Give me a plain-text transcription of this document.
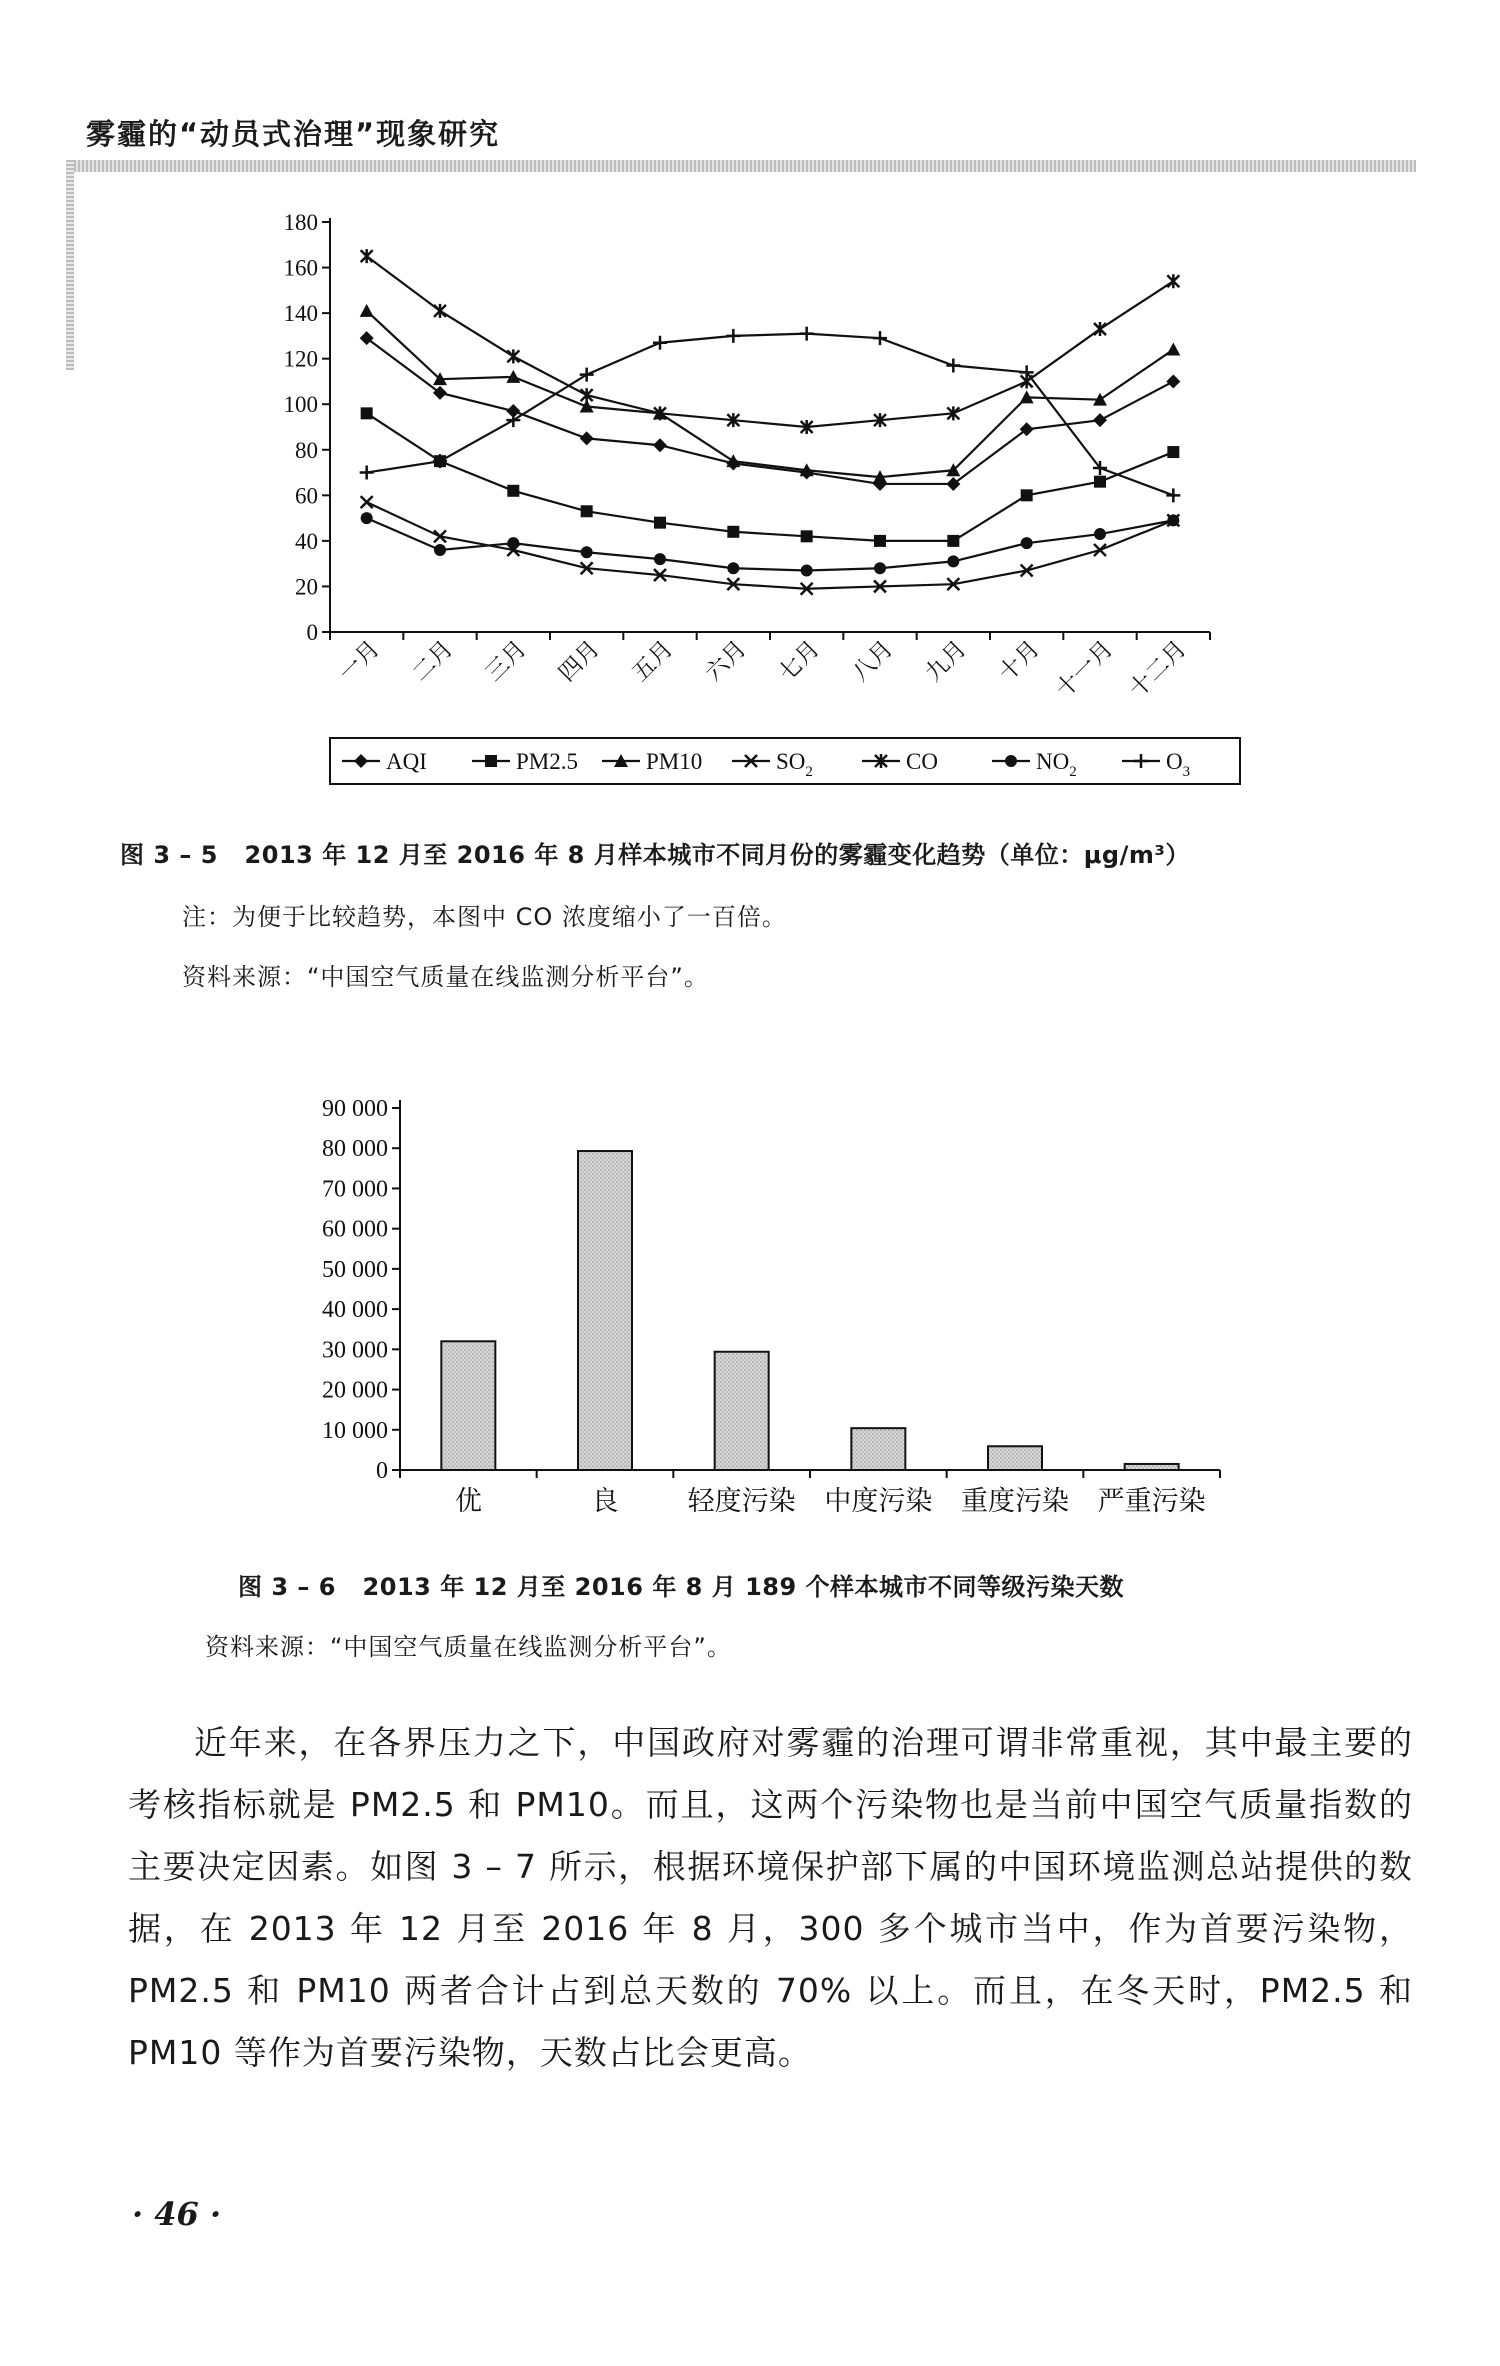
雾霾的“动员式治理”现象研究
0
20
40
60
80
100
120
140
160
180
一月 二月 三月 四月 五月 六月 七月 八月 九月 十月 十一月 十二月
AQI	PM2.5	PM10	$SO_2$	CO	$NO_2$	$O_3$
图 3 – 5 2013 年 12 月至 2016 年 8 月样本城市不同月份的雾霾变化趋势（单位：μg/m³）
注：为便于比较趋势，本图中 CO 浓度缩小了一百倍。
资料来源：“中国空气质量在线监测分析平台”。
0
10 000
20 000
30 000
40 000
50 000
60 000
70 000
80 000
90 000
优	良	轻度污染 中度污染 重度污染 严重污染
图 3 – 6 2013 年 12 月至 2016 年 8 月 189 个样本城市不同等级污染天数
资料来源：“中国空气质量在线监测分析平台”。

近年来，在各界压力之下，中国政府对雾霾的治理可谓非常重视，其中最主要的考核指标就是 PM2.5 和 PM10。而且，这两个污染物也是当前中国空气质量指数的主要决定因素。如图 3 – 7 所示，根据环境保护部下属的中国环境监测总站提供的数据，在 2013 年 12 月至 2016 年 8 月，300 多个城市当中，作为首要污染物，PM2.5 和 PM10 两者合计占到总天数的 70% 以上。而且，在冬天时，PM2.5 和 PM10 等作为首要污染物，天数占比会更高。

· 46 ·
